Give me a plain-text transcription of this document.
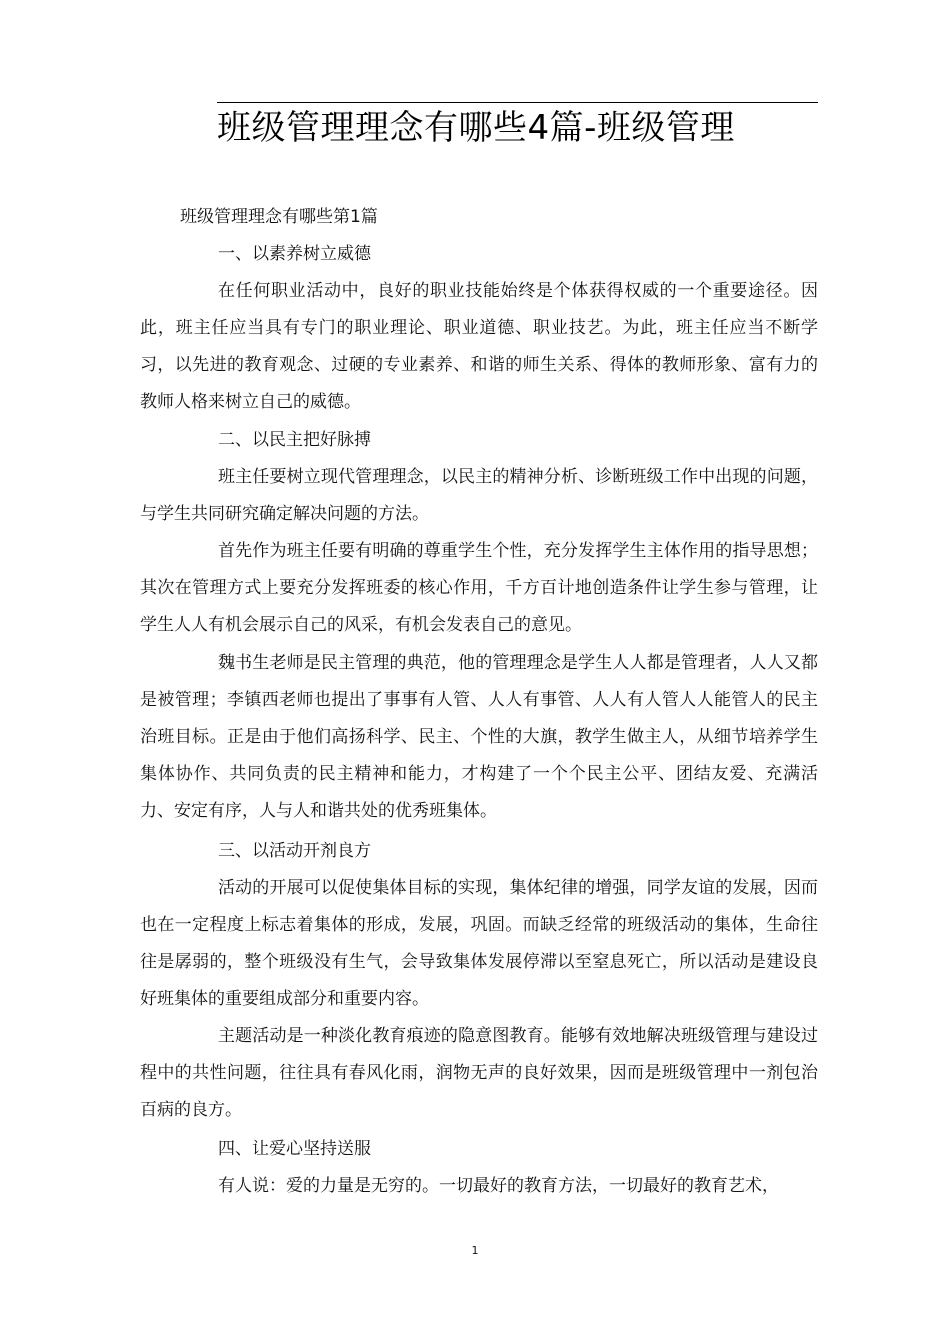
班级管理理念有哪些4篇-班级管理
班级管理理念有哪些第1篇
一、以素养树立威德
在任何职业活动中，良好的职业技能始终是个体获得权威的一个重要途径。因此，班主任应当具有专门的职业理论、职业道德、职业技艺。为此，班主任应当不断学习，以先进的教育观念、过硬的专业素养、和谐的师生关系、得体的教师形象、富有力的教师人格来树立自己的威德。
二、以民主把好脉搏
班主任要树立现代管理理念，以民主的精神分析、诊断班级工作中出现的问题，与学生共同研究确定解决问题的方法。
首先作为班主任要有明确的尊重学生个性，充分发挥学生主体作用的指导思想；其次在管理方式上要充分发挥班委的核心作用，千方百计地创造条件让学生参与管理，让学生人人有机会展示自己的风采，有机会发表自己的意见。
魏书生老师是民主管理的典范，他的管理理念是学生人人都是管理者，人人又都是被管理；李镇西老师也提出了事事有人管、人人有事管、人人有人管人人能管人的民主治班目标。正是由于他们高扬科学、民主、个性的大旗，教学生做主人，从细节培养学生集体协作、共同负责的民主精神和能力，才构建了一个个民主公平、团结友爱、充满活力、安定有序，人与人和谐共处的优秀班集体。
三、以活动开剂良方
活动的开展可以促使集体目标的实现，集体纪律的增强，同学友谊的发展，因而也在一定程度上标志着集体的形成，发展，巩固。而缺乏经常的班级活动的集体，生命往往是孱弱的，整个班级没有生气，会导致集体发展停滞以至窒息死亡，所以活动是建设良好班集体的重要组成部分和重要内容。
主题活动是一种淡化教育痕迹的隐意图教育。能够有效地解决班级管理与建设过程中的共性问题，往往具有春风化雨，润物无声的良好效果，因而是班级管理中一剂包治百病的良方。
四、让爱心坚持送服
有人说：爱的力量是无穷的。一切最好的教育方法，一切最好的教育艺术，
1
